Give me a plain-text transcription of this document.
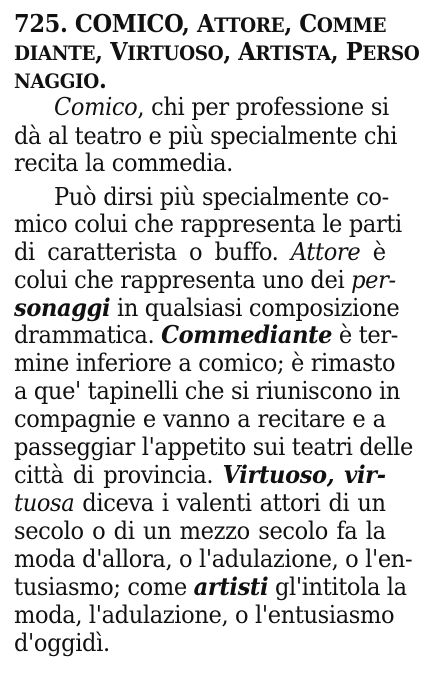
725. COMICO, ATTORE, COMME
DIANTE, VIRTUOSO, ARTISTA, PERSO
NAGGIO.
Comico, chi per professione si
dà al teatro e più specialmente chi
recita la commedia.
Può dirsi più specialmente co-
mico colui che rappresenta le parti
di caratterista o buffo. Attore è
colui che rappresenta uno dei per-
sonaggi in qualsiasi composizione
drammatica. Commediante è ter-
mine inferiore a comico; è rimasto
a que' tapinelli che si riuniscono in
compagnie e vanno a recitare e a
passeggiar l'appetito sui teatri delle
città di provincia. Virtuoso, vir-
tuosa diceva i valenti attori di un
secolo o di un mezzo secolo fa la
moda d'allora, o l'adulazione, o l'en-
tusiasmo; come artisti gl'intitola la
moda, l'adulazione, o l'entusiasmo
d'oggidì.
